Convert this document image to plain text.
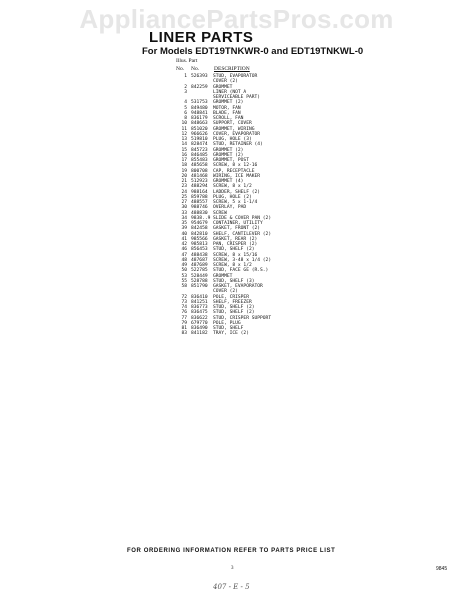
AppliancePartsPros.com
LINER PARTS
For Models EDT19TNKWR-0 and EDT19TNKWL-0
Illus. Part
No. No.	DESCRIPTION
1 526393	STUD, EVAPORATOR
COVER (2)
2 842259	GROMMET
3	LINER (NOT A
SERVICEABLE PART)
4 531753	GROMMET (2)
5 849480	MOTOR, FAN
6 948841	BLADE, FAN
8 836179	SCROLL, FAN
10 848663	SUPPORT, COVER
11 851020	GROMMET, WIRING
12 966626	COVER, EVAPORATOR
13 519810	PLUG, HOLE (3)
14 828474	STUD, RETAINER (4)
15 845723	GROMMET (2)
16 846485	GROMMET (2)
17 855483	GROMMET, POST
18 485658	SCREW, 8 x 12-16
19 800708	CAP, RECEPTACLE
20 481468	WIRING, ICE MAKER
21 512923	GROMMET (4)
23 488294	SCREW, 8 x 1/2
24 988164	LADDER, SHELF (2)
25 859788	PLUG, HOLE (2)
27 488557	SCREW, 5 x 1-1/4
30 988746	OVERLAY, PAD
33 488830	SCREW
34 9838..9 SLIDE & COVER PAN (2)
35 954679	CONTAINER, UTILITY
39 842458	GASKET, FRONT (2)
40 842810	SHELF, CANTILEVER (2)
41 985566	GASKET, REAR (2)
42 985813	PAN, CRISPER (2)
46 856453	STUD, SHELF (2)
47 488438	SCREW, 8 x 15/16
48 487687	SCREW, 3-48 x 1/4 (2)
49 487689	SCREW, 8 x 1/2
50 522785	STUD, FACE GE (R.S.)
53 528449	GROMMET
55 528788	STUD, SHELF (3)
58 851790	GASKET, EVAPORATOR
COVER (2)
72 836410	POLE, CRISPER
73 841251	SHELF, FREEZER
74 836773	STUD, SHELF (2)
76 836475	STUD, SHELF (2)
77 836622	STUD, CRISPER SUPPORT
79 679770	POLE, PLUG
81 836490	STUD, SHELF
83 841182	TRAY, ICE (2)
FOR ORDERING INFORMATION REFER TO PARTS PRICE LIST
3	9845
407 - E - 5
